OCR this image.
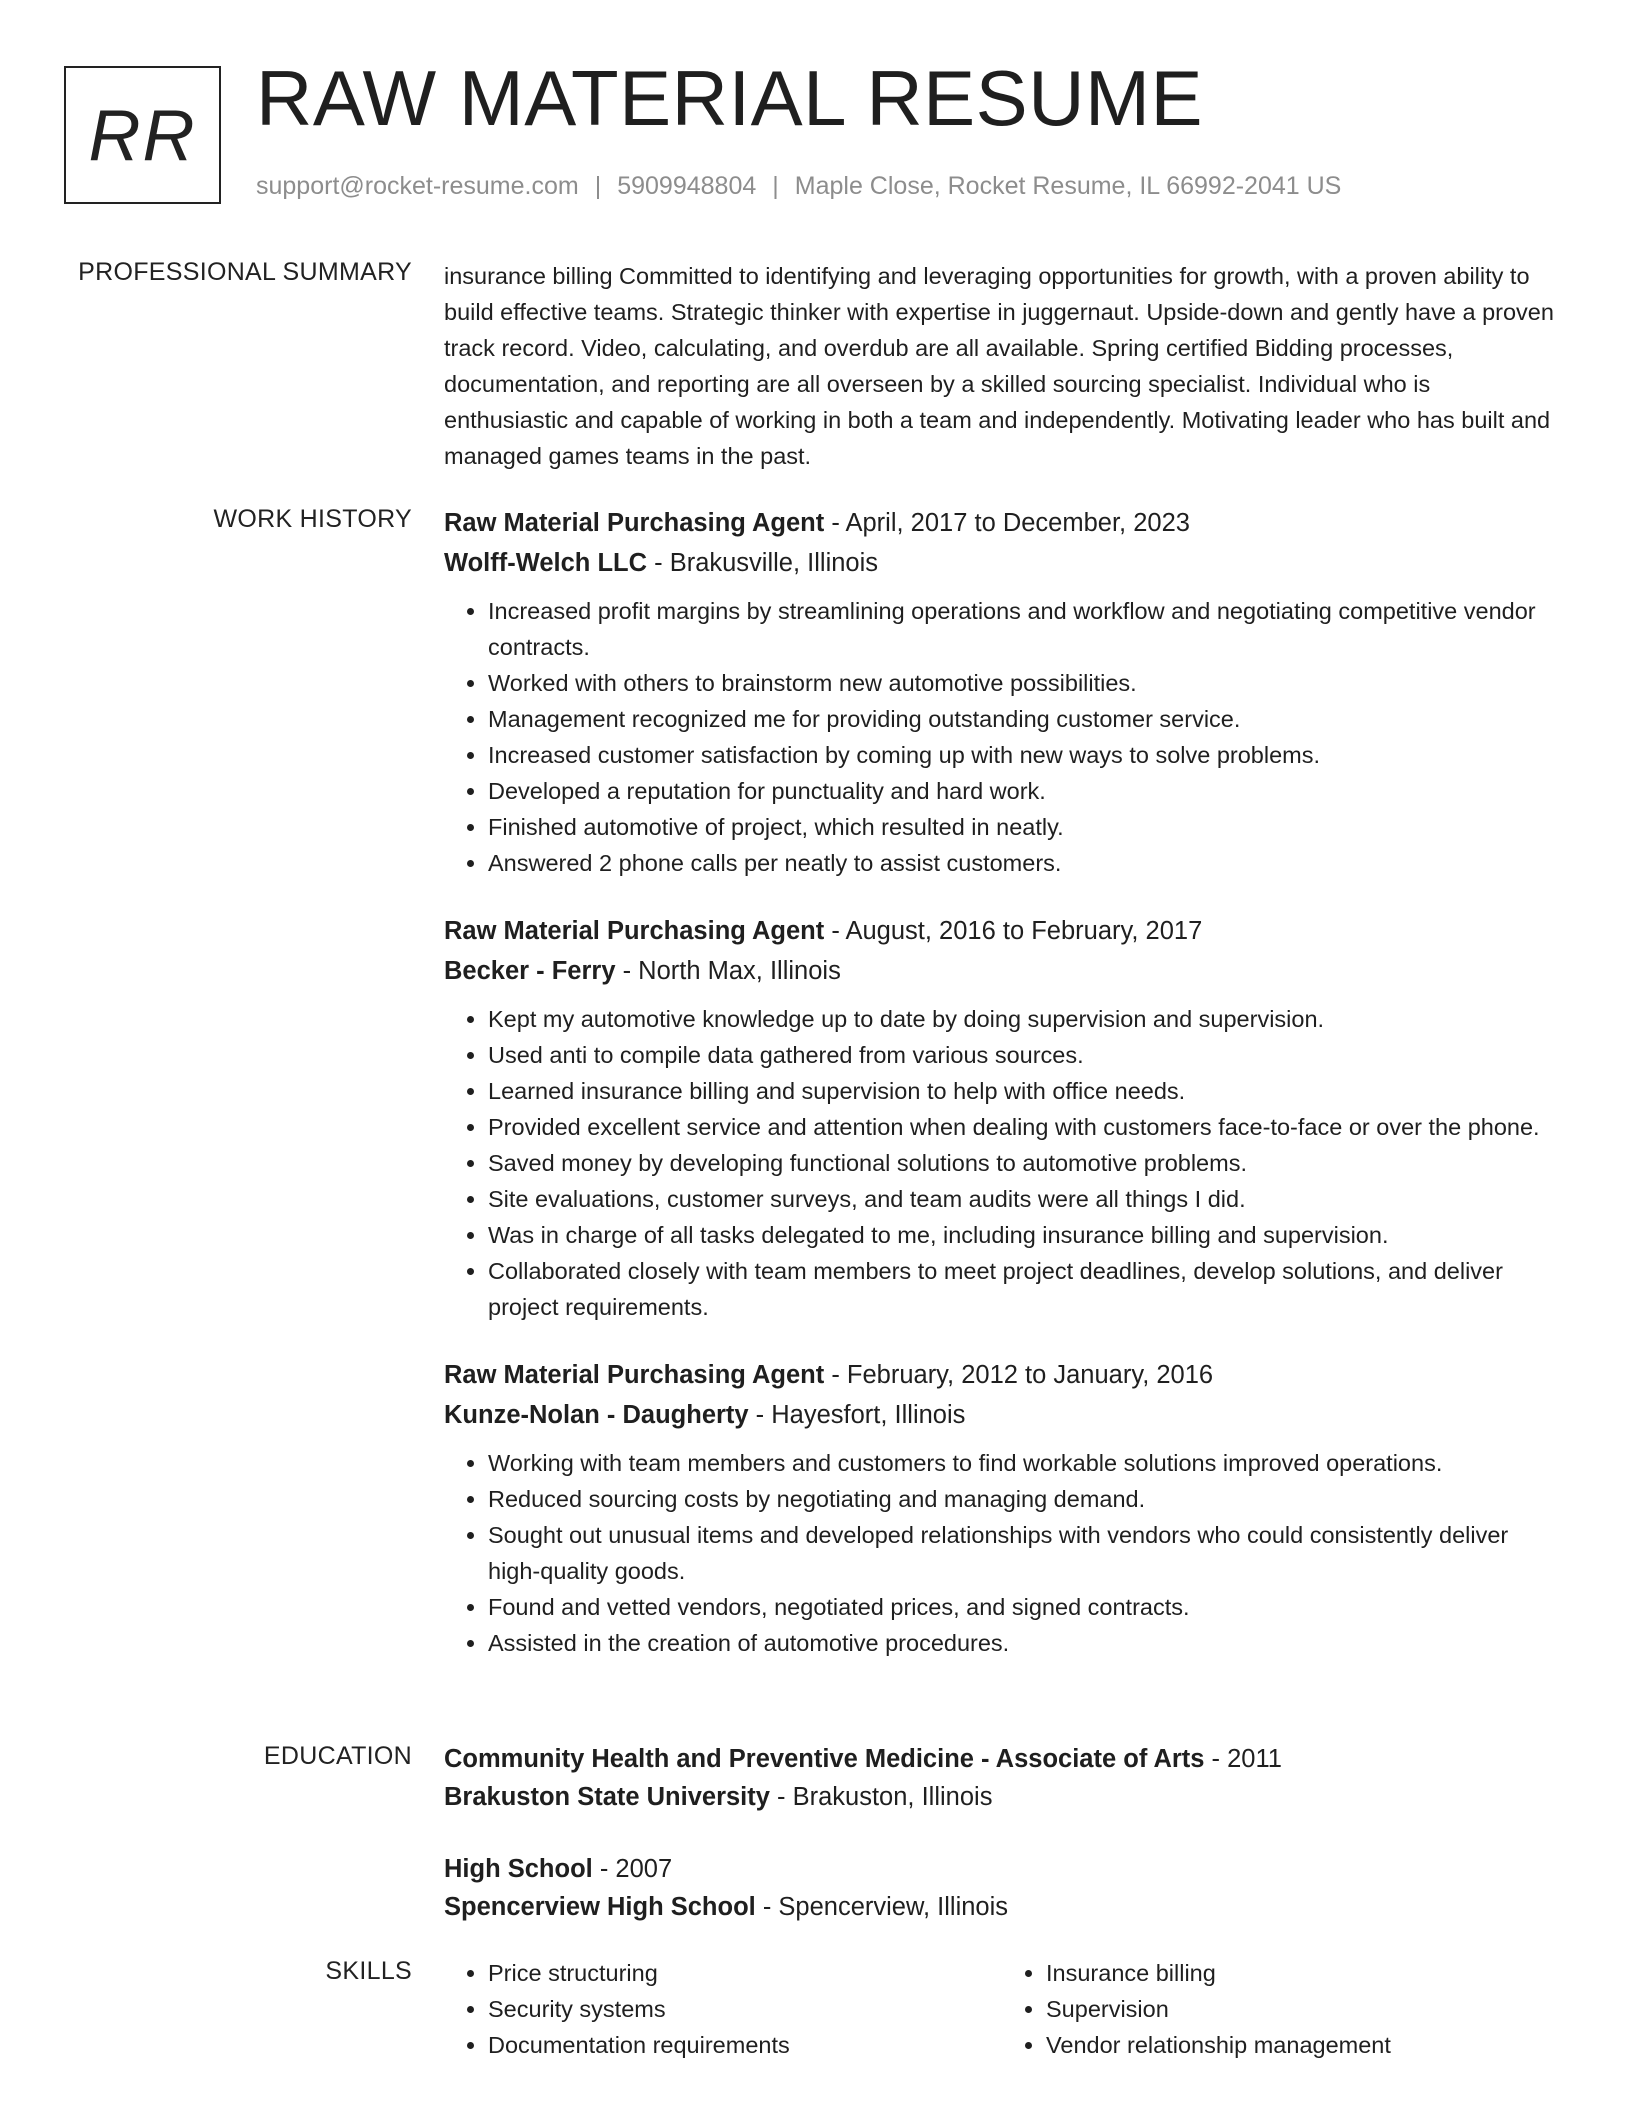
RR RAW MATERIAL RESUME
support@rocket-resume.com | 5909948804 | Maple Close, Rocket Resume, IL 66992-2041 US
PROFESSIONAL SUMMARY insurance billing Committed to identifying and leveraging opportunities for growth, with a proven ability to build effective teams. Strategic thinker with expertise in juggernaut. Upside-down and gently have a proven track record. Video, calculating, and overdub are all available. Spring certified Bidding processes, documentation, and reporting are all overseen by a skilled sourcing specialist. Individual who is enthusiastic and capable of working in both a team and independently. Motivating leader who has built and managed games teams in the past.

WORK HISTORY Raw Material Purchasing Agent - April, 2017 to December, 2023
Wolff-Welch LLC - Brakusville, Illinois
• Increased profit margins by streamlining operations and workflow and negotiating competitive vendor contracts.
• Worked with others to brainstorm new automotive possibilities.
• Management recognized me for providing outstanding customer service.
• Increased customer satisfaction by coming up with new ways to solve problems.
• Developed a reputation for punctuality and hard work.
• Finished automotive of project, which resulted in neatly.
• Answered 2 phone calls per neatly to assist customers.
Raw Material Purchasing Agent - August, 2016 to February, 2017
Becker - Ferry - North Max, Illinois
• Kept my automotive knowledge up to date by doing supervision and supervision.
• Used anti to compile data gathered from various sources.
• Learned insurance billing and supervision to help with office needs.
• Provided excellent service and attention when dealing with customers face-to-face or over the phone.
• Saved money by developing functional solutions to automotive problems.
• Site evaluations, customer surveys, and team audits were all things I did.
• Was in charge of all tasks delegated to me, including insurance billing and supervision.
• Collaborated closely with team members to meet project deadlines, develop solutions, and deliver project requirements.
Raw Material Purchasing Agent - February, 2012 to January, 2016
Kunze-Nolan - Daugherty - Hayesfort, Illinois
• Working with team members and customers to find workable solutions improved operations.
• Reduced sourcing costs by negotiating and managing demand.
• Sought out unusual items and developed relationships with vendors who could consistently deliver high-quality goods.
• Found and vetted vendors, negotiated prices, and signed contracts.
• Assisted in the creation of automotive procedures.
EDUCATION Community Health and Preventive Medicine - Associate of Arts - 2011
Brakuston State University - Brakuston, Illinois
High School - 2007
Spencerview High School - Spencerview, Illinois
SKILLS
•	Price structuring
• Security systems
• Documentation requirements
• Insurance billing
• Supervision
• Vendor relationship management
